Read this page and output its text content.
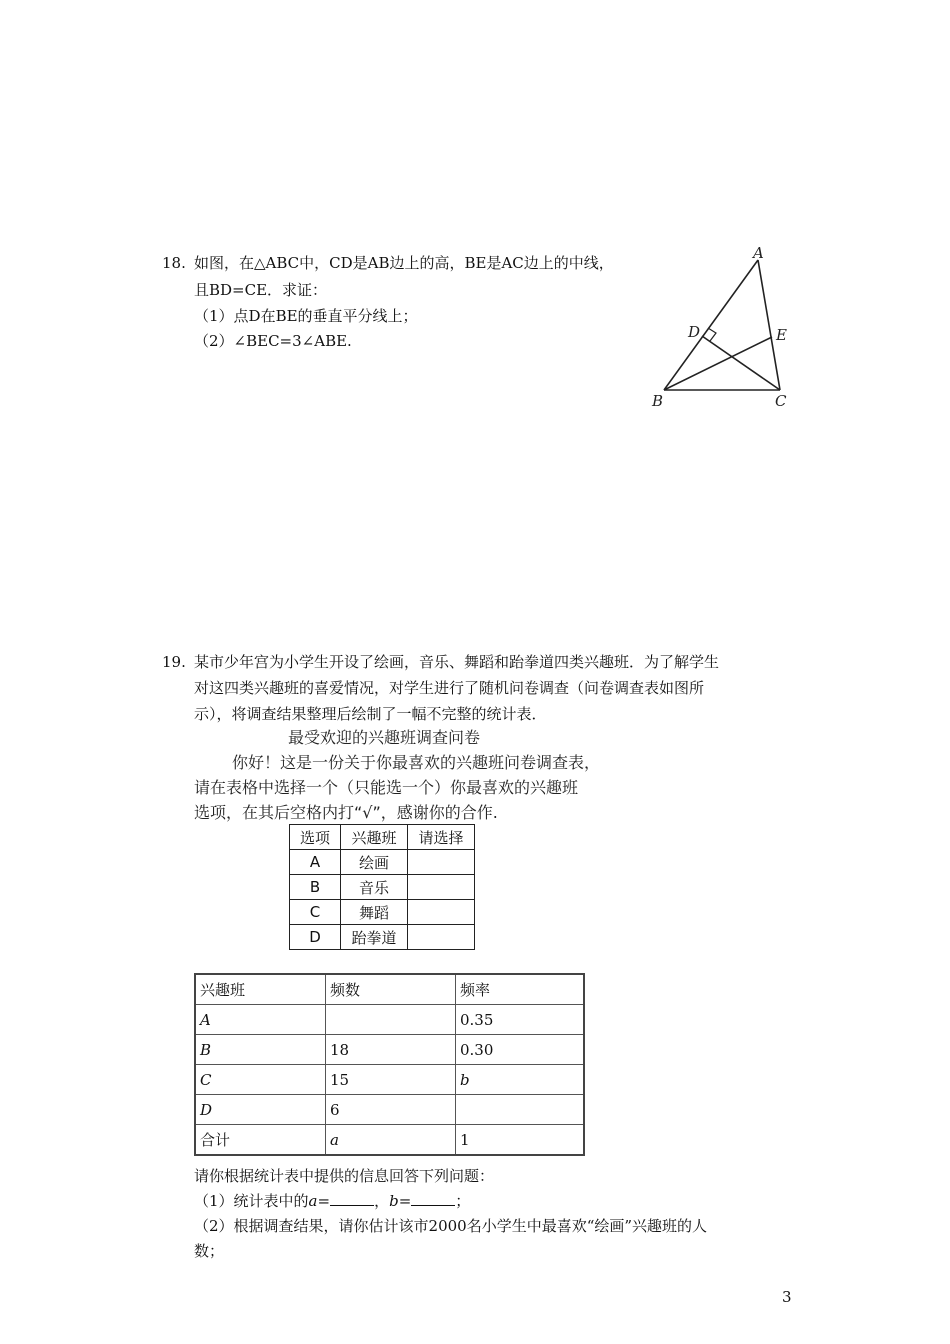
18. 如图，在△ABC中，CD是AB边上的高，BE是AC边上的中线，
且BD=CE．求证：
（1）点D在BE的垂直平分线上；
（2）∠BEC=3∠ABE.
A
B	C
D	E
19. 某市少年宫为小学生开设了绘画，音乐、舞蹈和跆拳道四类兴趣班．为了解学生
对这四类兴趣班的喜爱情况，对学生进行了随机问卷调查（问卷调查表如图所
示），将调查结果整理后绘制了一幅不完整的统计表．
最受欢迎的兴趣班调查问卷
你好！这是一份关于你最喜欢的兴趣班问卷调查表，
请在表格中选择一个（只能选一个）你最喜欢的兴趣班
选项，在其后空格内打“√”，感谢你的合作.
选项	兴趣班	请选择
A	绘画	
B	音乐	
C	舞蹈	
D	跆拳道	
兴趣班	频数	频率
A		0.35
B	18	0.30
C	15	b
D	6	
合计	a	1
请你根据统计表中提供的信息回答下列问题：
（1）统计表中的a=	，b=	；
（2）根据调查结果，请你估计该市2000名小学生中最喜欢“绘画”兴趣班的人
数；
3
